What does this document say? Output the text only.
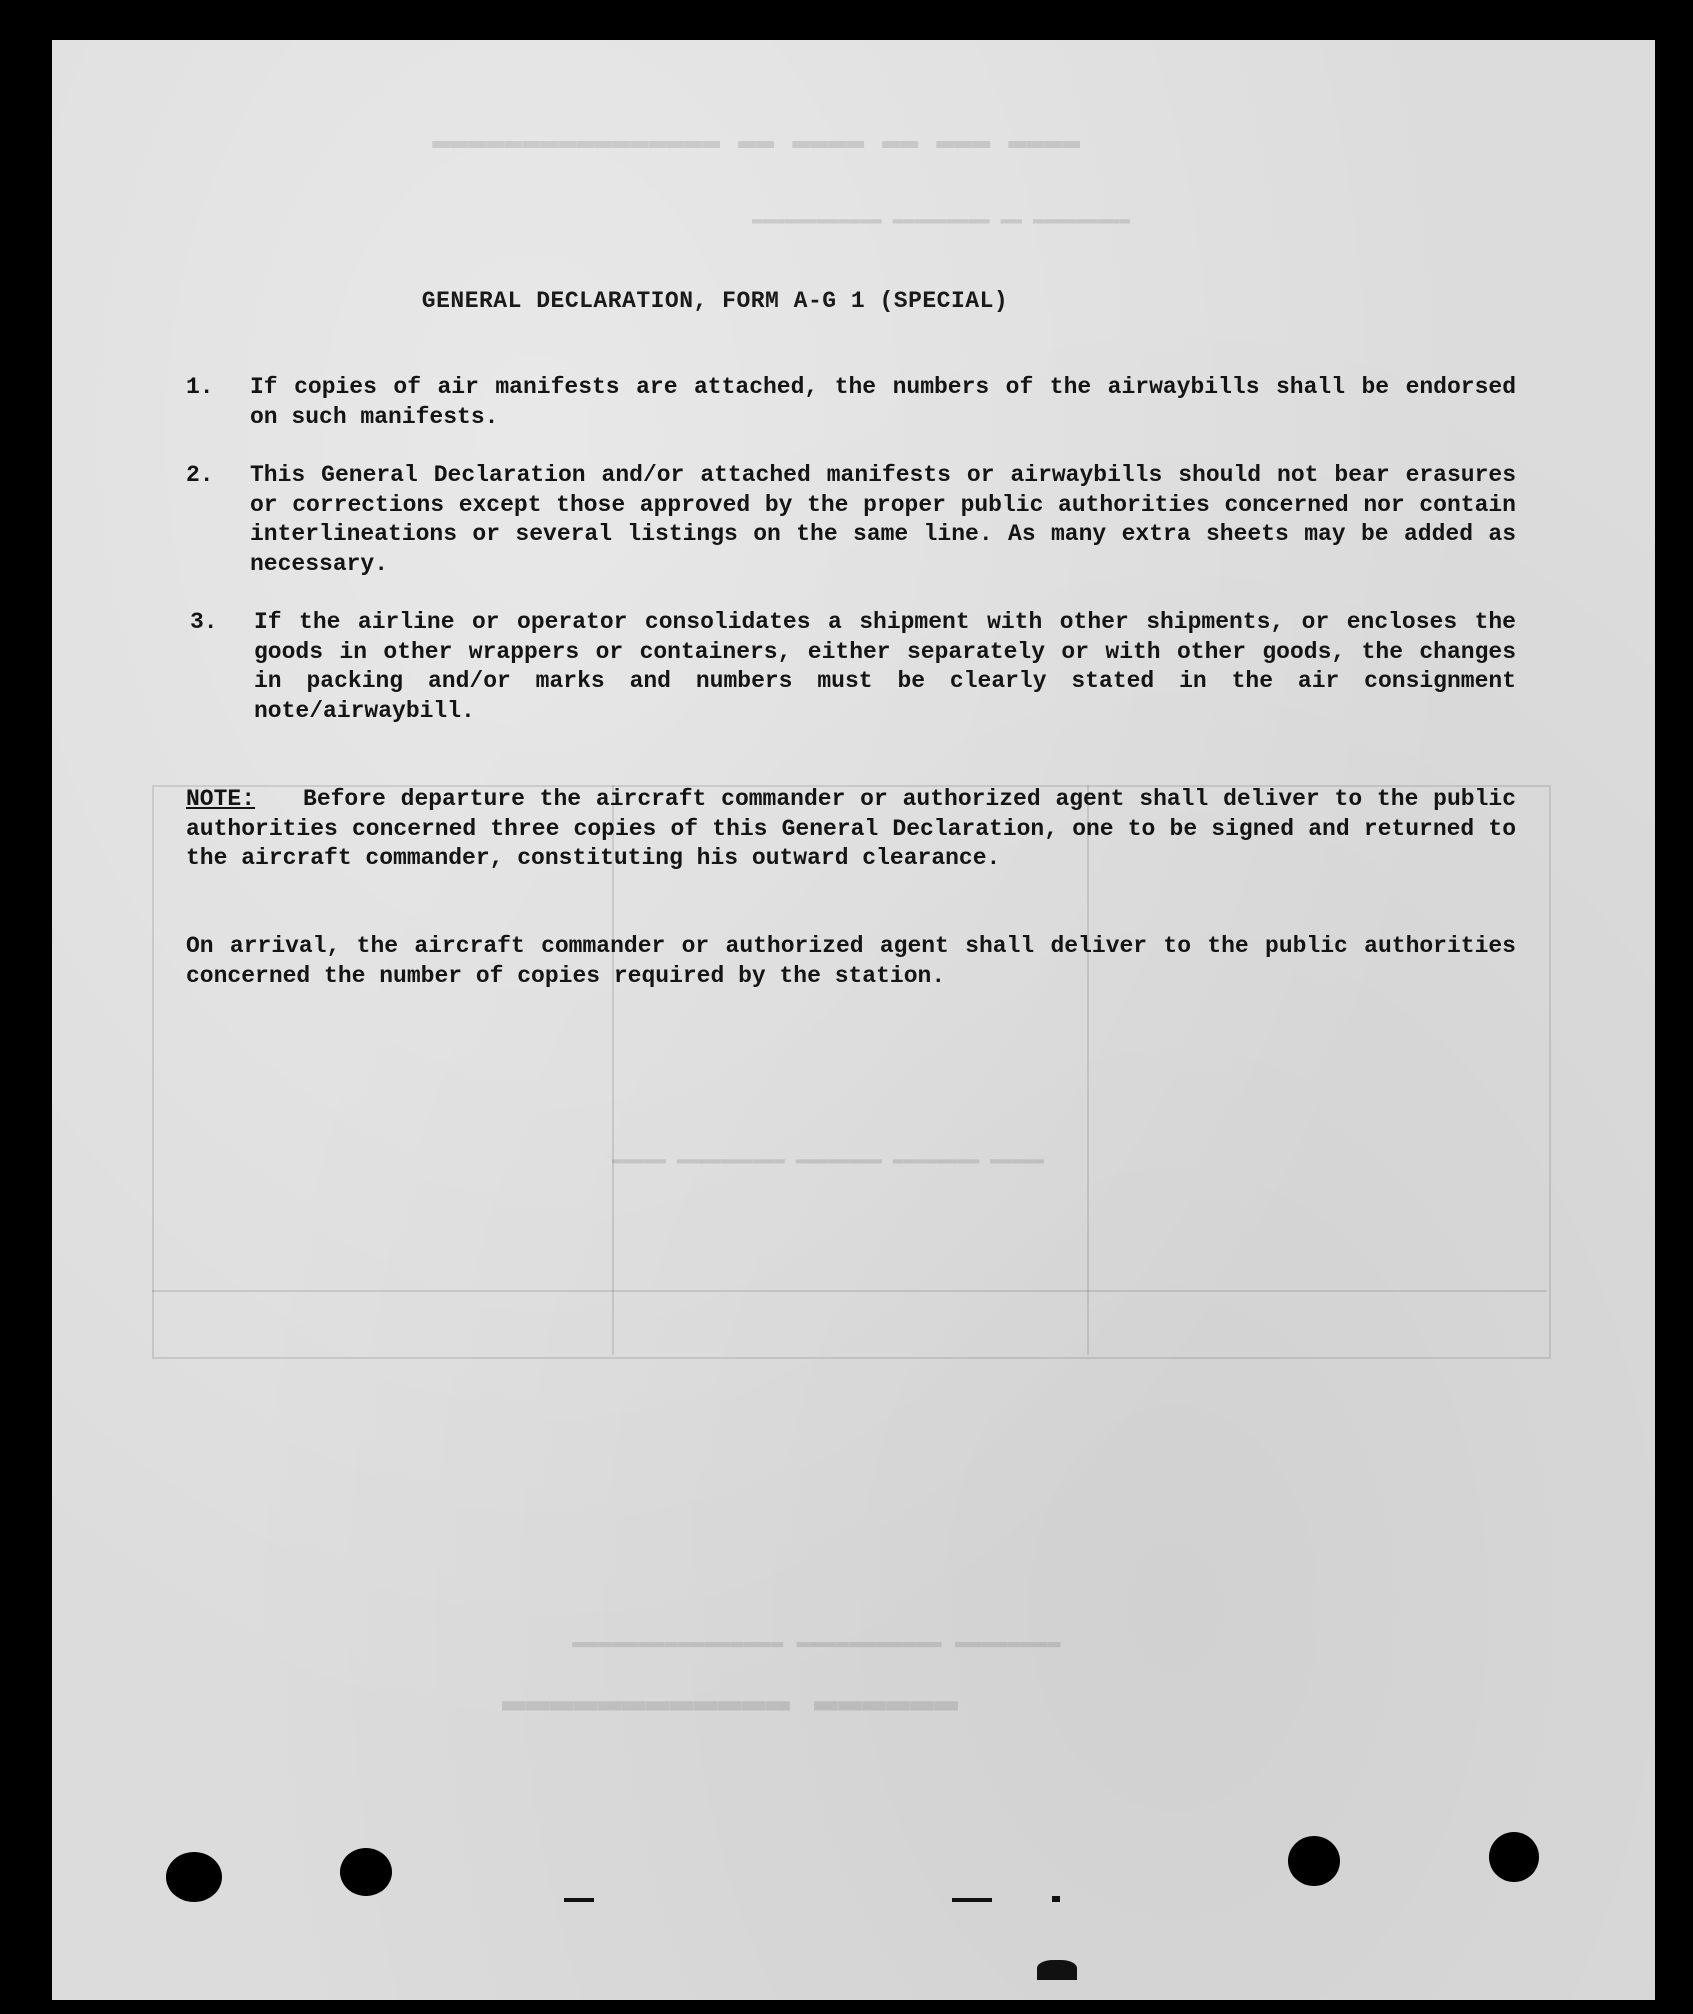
▬▬▬▬ ▬▬▬ ▬▬ ▬▬▬▬ ▬▬ ▬▬▬▬▬▬▬▬▬▬▬▬▬▬▬▬
▬▬▬▬▬▬▬▬▬ ▬▬ ▬▬▬▬▬▬▬▬▬ ▬▬▬▬▬▬▬▬▬▬▬▬
▬▬▬▬▬ ▬▬▬▬▬▬▬▬ ▬▬▬▬▬▬▬▬ ▬▬▬▬▬▬▬▬▬▬ ▬▬▬▬▬
▬▬▬▬▬▬ ▬▬▬▬▬▬▬▬▬▬▬▬
▬▬▬▬▬▬▬▬ ▬▬▬▬▬▬▬▬▬▬▬ ▬▬▬▬▬▬▬▬▬▬▬▬▬▬▬▬
GENERAL DECLARATION, FORM A-G 1 (SPECIAL)
1. If copies of air manifests are attached, the numbers of the airwaybills shall be endorsed on such manifests.
2. This General Declaration and/or attached manifests or airwaybills should not bear erasures or corrections except those approved by the proper public authorities concerned nor contain interlineations or several listings on the same line. As many extra sheets may be added as necessary.
3. If the airline or operator consolidates a shipment with other shipments, or encloses the goods in other wrappers or containers, either separately or with other goods, the changes in packing and/or marks and numbers must be clearly stated in the air consignment note/airwaybill.
NOTE: Before departure the aircraft commander or authorized agent shall deliver to the public authorities concerned three copies of this General Declaration, one to be signed and returned to the aircraft commander, constituting his outward clearance.
On arrival, the aircraft commander or authorized agent shall deliver to the public authorities concerned the number of copies required by the station.
